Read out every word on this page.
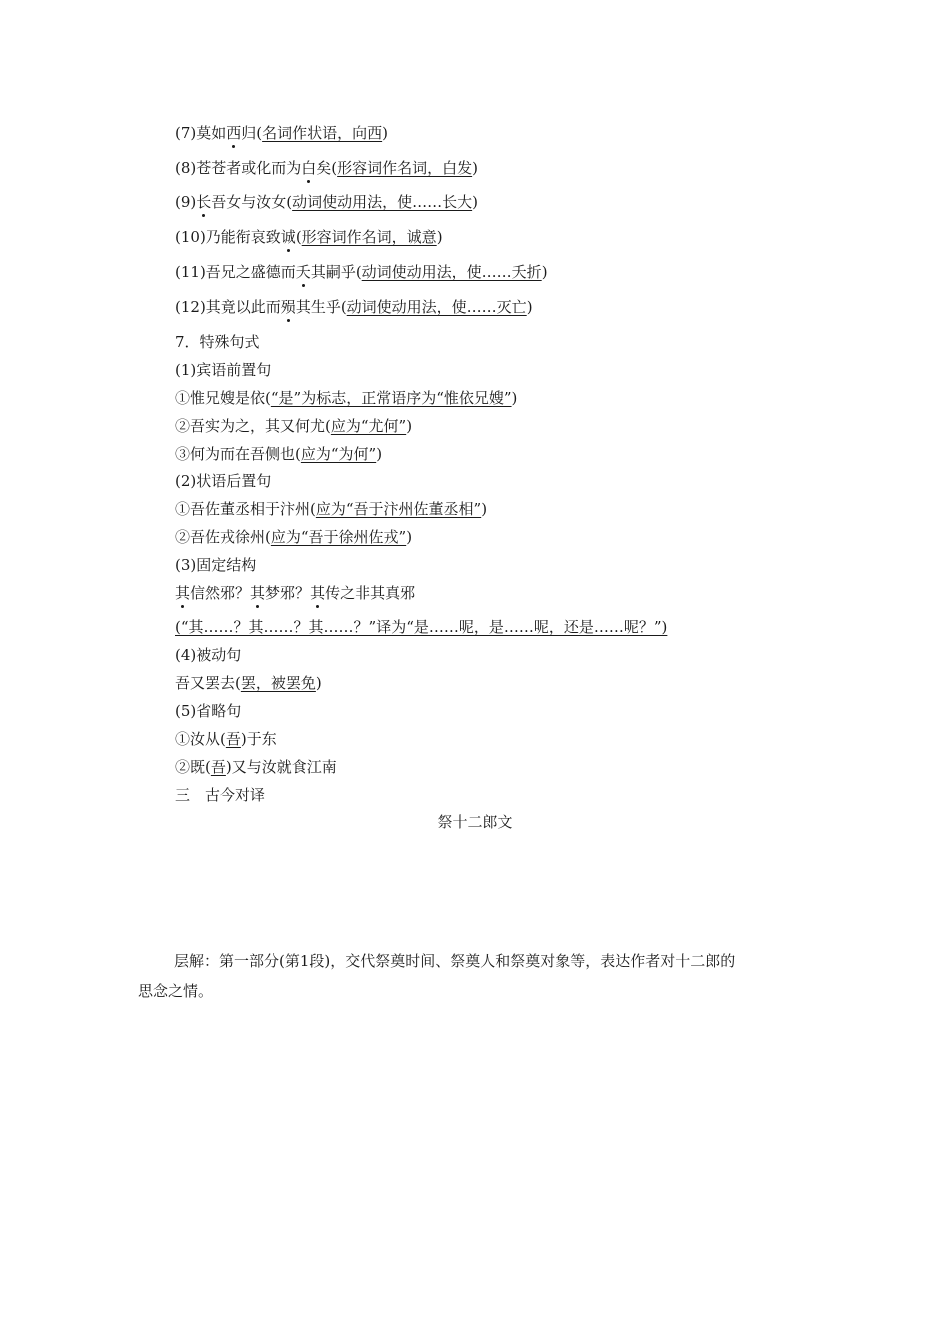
(7)莫如西归(名词作状语，向西)
(8)苍苍者或化而为白矣(形容词作名词，白发)
(9)长吾女与汝女(动词使动用法，使……长大)
(10)乃能衔哀致诚(形容词作名词，诚意)
(11)吾兄之盛德而夭其嗣乎(动词使动用法，使……夭折)
(12)其竟以此而殒其生乎(动词使动用法，使……灭亡)
7．特殊句式
(1)宾语前置句
①惟兄嫂是依(“是”为标志，正常语序为“惟依兄嫂”)
②吾实为之，其又何尤(应为“尤何”)
③何为而在吾侧也(应为“为何”)
(2)状语后置句
①吾佐董丞相于汴州(应为“吾于汴州佐董丞相”)
②吾佐戎徐州(应为“吾于徐州佐戎”)
(3)固定结构
其信然邪？其梦邪？其传之非其真邪
(“其……？其……？其……？”译为“是……呢，是……呢，还是……呢？”)
(4)被动句
吾又罢去(罢，被罢免)
(5)省略句
①汝从(吾)于东
②既(吾)又与汝就食江南
三　古今对译
祭十二郎文
层解：第一部分(第1段)，交代祭奠时间、祭奠人和祭奠对象等，表达作者对十二郎的
思念之情。
